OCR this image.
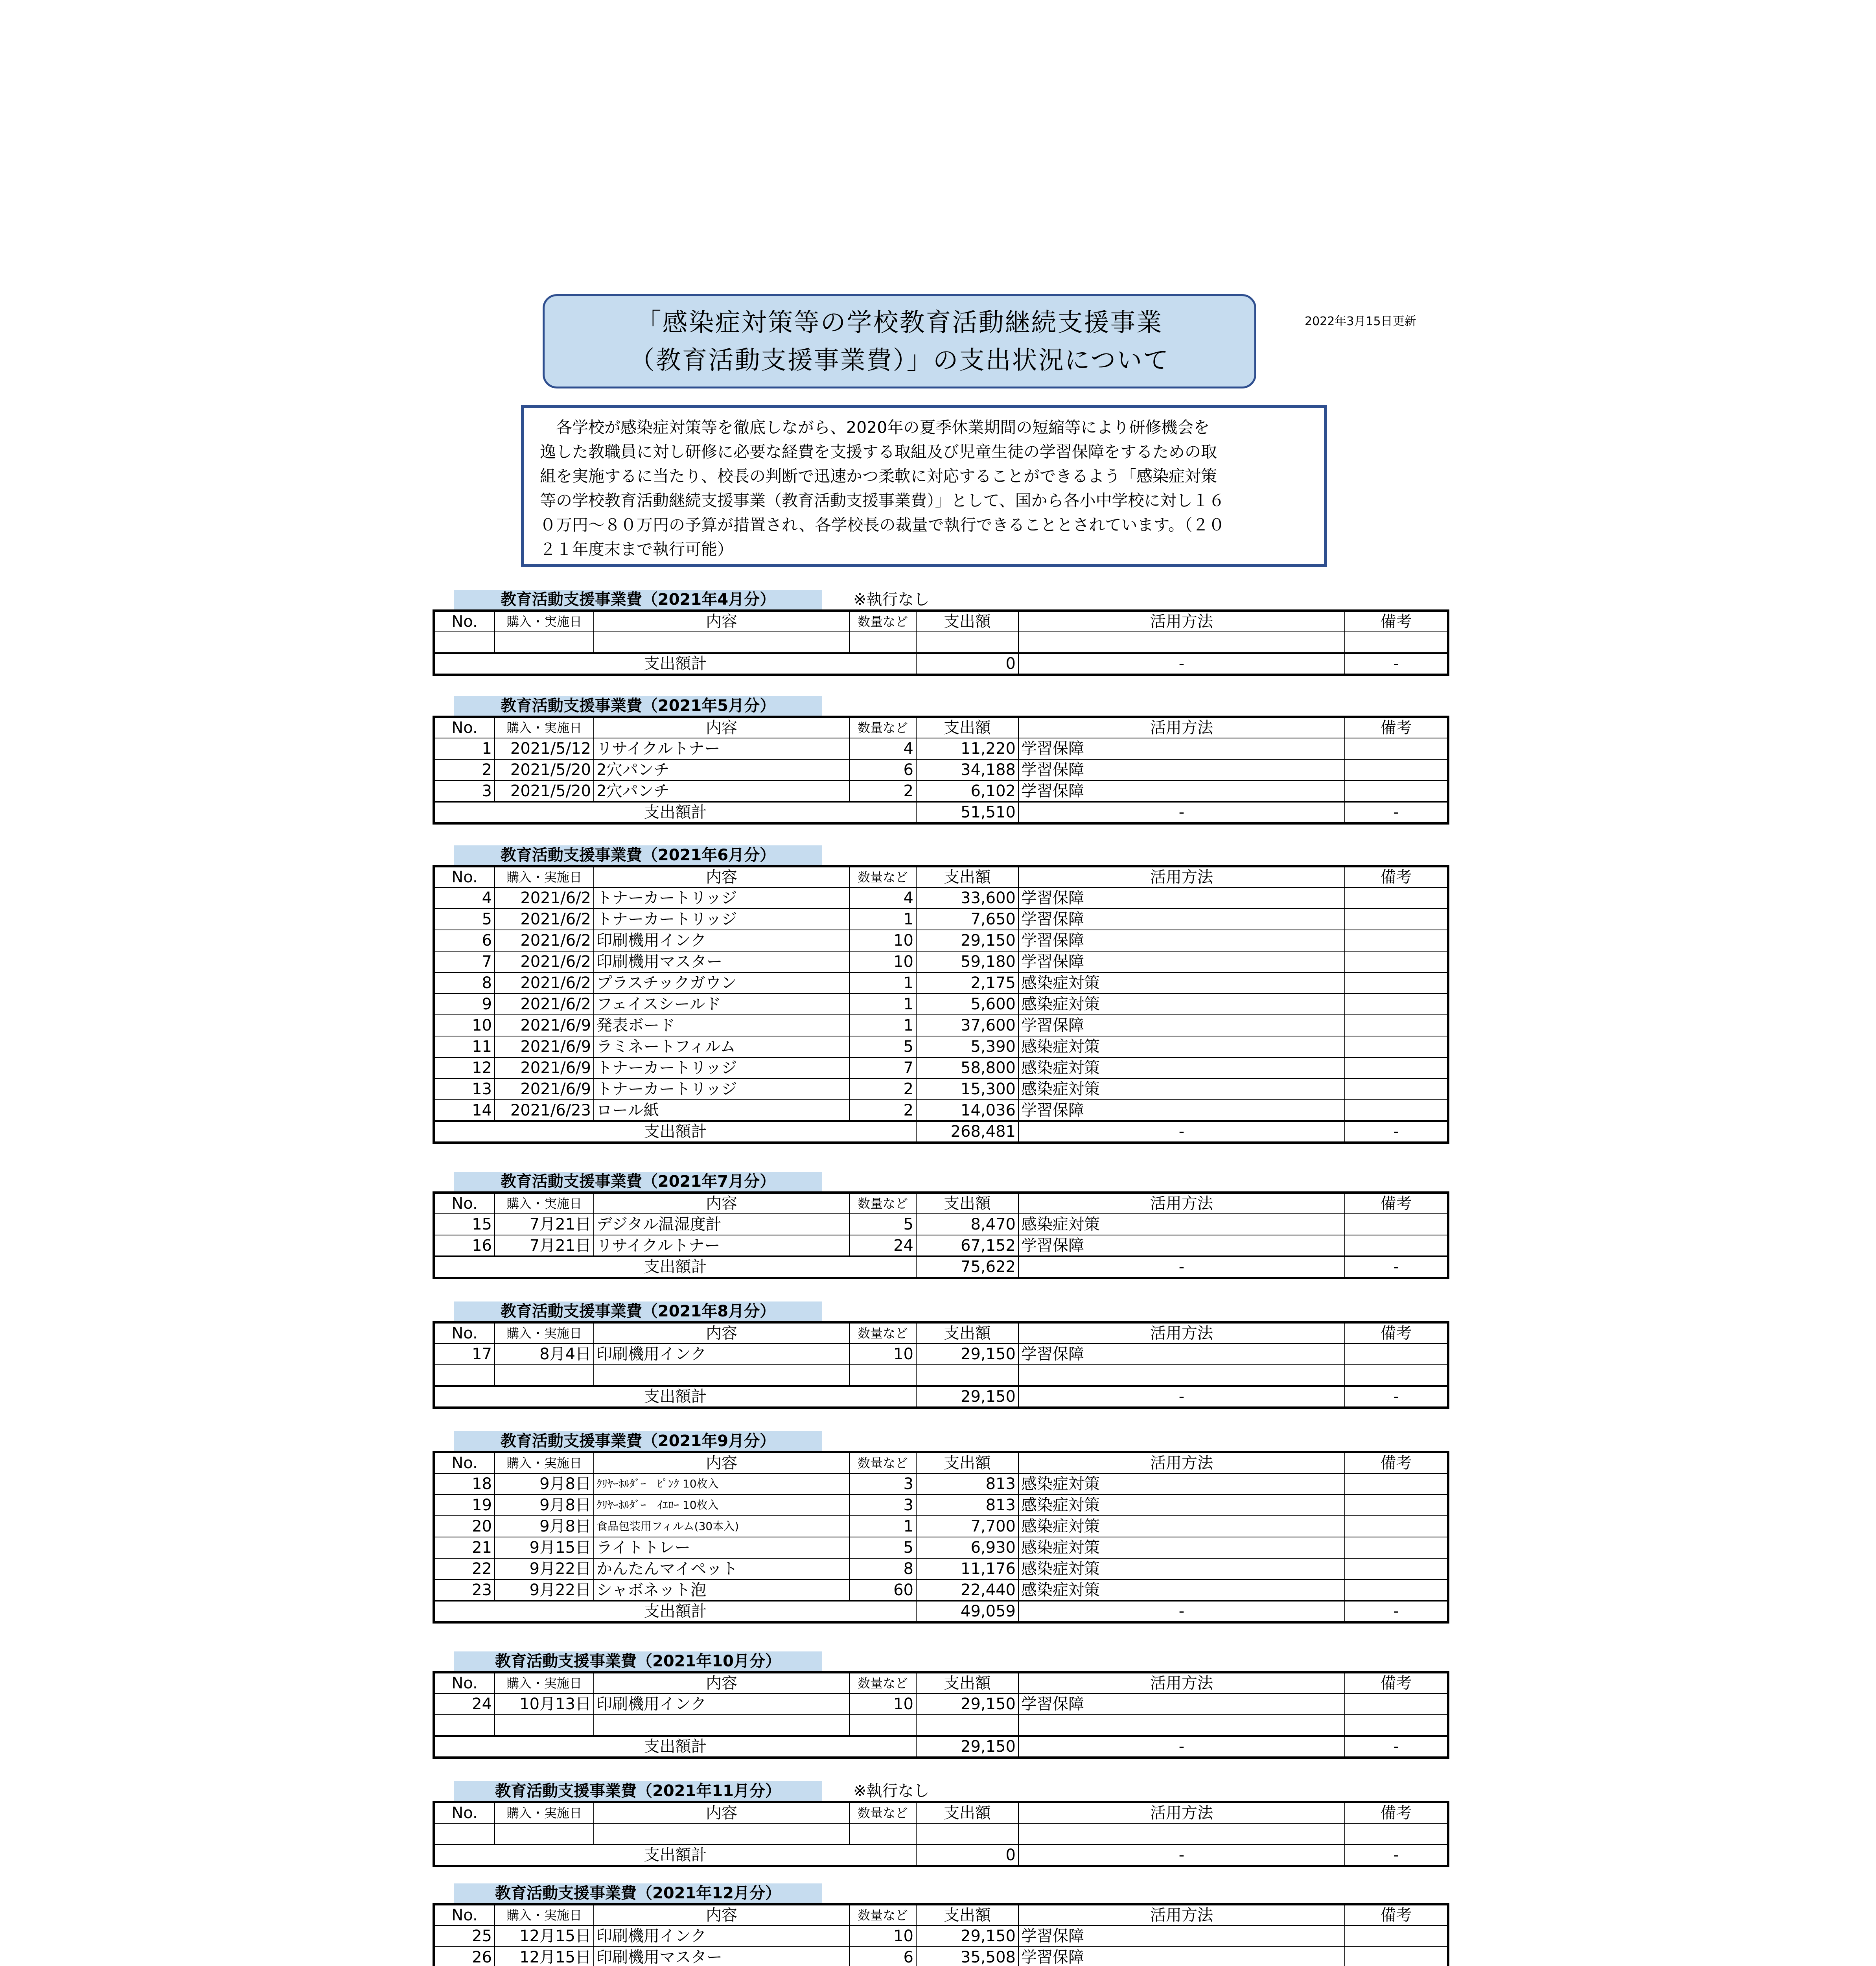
「感染症対策等の学校教育活動継続支援事業
（教育活動支援事業費）」の支出状況について
2022年3月15日更新
　各学校が感染症対策等を徹底しながら、2020年の夏季休業期間の短縮等により研修機会を
逸した教職員に対し研修に必要な経費を支援する取組及び児童生徒の学習保障をするための取
組を実施するに当たり、校長の判断で迅速かつ柔軟に対応することができるよう「感染症対策
等の学校教育活動継続支援事業（教育活動支援事業費）」として、国から各小中学校に対し１６
０万円～８０万円の予算が措置され、各学校長の裁量で執行できることとされています。（２０
２１年度末まで執行可能）
教育活動支援事業費（2021年4月分）	※執行なし
No.	購入・実施日	内容	数量など	支出額	活用方法	備考

支出額計				0	-	-
教育活動支援事業費（2021年5月分）
No.	購入・実施日	内容	数量など	支出額	活用方法	備考
1	2021/5/12	リサイクルトナー	4	11,220	学習保障	
2	2021/5/20	2穴パンチ	6	34,188	学習保障	
3	2021/5/20	2穴パンチ	2	6,102	学習保障	
支出額計				51,510	-	-
教育活動支援事業費（2021年6月分）
No.	購入・実施日	内容	数量など	支出額	活用方法	備考
4	2021/6/2	トナーカートリッジ	4	33,600	学習保障	
5	2021/6/2	トナーカートリッジ	1	7,650	学習保障	
6	2021/6/2	印刷機用インク	10	29,150	学習保障	
7	2021/6/2	印刷機用マスター	10	59,180	学習保障	
8	2021/6/2	プラスチックガウン	1	2,175	感染症対策	
9	2021/6/2	フェイスシールド	1	5,600	感染症対策	
10	2021/6/9	発表ボード	1	37,600	学習保障	
11	2021/6/9	ラミネートフィルム	5	5,390	感染症対策	
12	2021/6/9	トナーカートリッジ	7	58,800	感染症対策	
13	2021/6/9	トナーカートリッジ	2	15,300	感染症対策	
14	2021/6/23	ロール紙	2	14,036	学習保障	
支出額計				268,481	-	-
教育活動支援事業費（2021年7月分）
No.	購入・実施日	内容	数量など	支出額	活用方法	備考
15	7月21日	デジタル温湿度計	5	8,470	感染症対策	
16	7月21日	リサイクルトナー	24	67,152	学習保障	
支出額計				75,622	-	-
教育活動支援事業費（2021年8月分）
No.	購入・実施日	内容	数量など	支出額	活用方法	備考
17	8月4日	印刷機用インク	10	29,150	学習保障	

支出額計				29,150	-	-
教育活動支援事業費（2021年9月分）
No.	購入・実施日	内容	数量など	支出額	活用方法	備考
18	9月8日	ｸﾘﾔｰﾎﾙﾀﾞｰ　ﾋﾟﾝｸ 10枚入	3	813	感染症対策	
19	9月8日	ｸﾘﾔｰﾎﾙﾀﾞｰ　ｲｴﾛｰ 10枚入	3	813	感染症対策	
20	9月8日	食品包装用フィルム(30本入)	1	7,700	感染症対策	
21	9月15日	ライトトレー	5	6,930	感染症対策	
22	9月22日	かんたんマイペット	8	11,176	感染症対策	
23	9月22日	シャボネット泡	60	22,440	感染症対策	
支出額計				49,059	-	-
教育活動支援事業費（2021年10月分）
No.	購入・実施日	内容	数量など	支出額	活用方法	備考
24	10月13日	印刷機用インク	10	29,150	学習保障	

支出額計				29,150	-	-
教育活動支援事業費（2021年11月分）	※執行なし
No.	購入・実施日	内容	数量など	支出額	活用方法	備考

支出額計				0	-	-
教育活動支援事業費（2021年12月分）
No.	購入・実施日	内容	数量など	支出額	活用方法	備考
25	12月15日	印刷機用インク	10	29,150	学習保障	
26	12月15日	印刷機用マスター	6	35,508	学習保障	
